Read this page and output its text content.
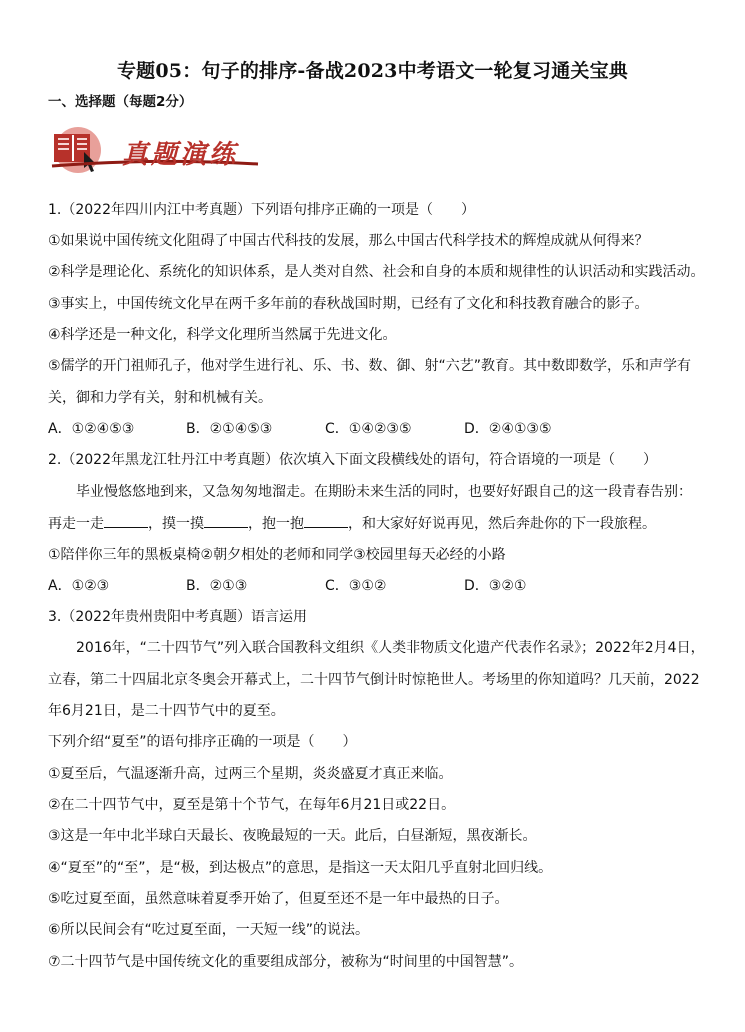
专题05：句子的排序-备战2023中考语文一轮复习通关宝典
一、选择题（每题2分）
真题演练
1.（2022年四川内江中考真题）下列语句排序正确的一项是（　　）
①如果说中国传统文化阻碍了中国古代科技的发展，那么中国古代科学技术的辉煌成就从何得来？
②科学是理论化、系统化的知识体系，是人类对自然、社会和自身的本质和规律性的认识活动和实践活动。
③事实上，中国传统文化早在两千多年前的春秋战国时期，已经有了文化和科技教育融合的影子。
④科学还是一种文化，科学文化理所当然属于先进文化。
⑤儒学的开门祖师孔子，他对学生进行礼、乐、书、数、御、射“六艺”教育。其中数即数学，乐和声学有
关，御和力学有关，射和机械有关。
A．①②④⑤③	B．②①④⑤③	C．①④②③⑤	D．②④①③⑤
2.（2022年黑龙江牡丹江中考真题）依次填入下面文段横线处的语句，符合语境的一项是（　　）
毕业慢悠悠地到来，又急匆匆地溜走。在期盼未来生活的同时，也要好好跟自己的这一段青春告别：
再走一走	，摸一摸	，抱一抱	，和大家好好说再见，然后奔赴你的下一段旅程。
①陪伴你三年的黑板桌椅②朝夕相处的老师和同学③校园里每天必经的小路
A．①②③	B．②①③	C．③①②	D．③②①
3.（2022年贵州贵阳中考真题）语言运用
2016年，“二十四节气”列入联合国教科文组织《人类非物质文化遗产代表作名录》；2022年2月4日，
立春，第二十四届北京冬奥会开幕式上，二十四节气倒计时惊艳世人。考场里的你知道吗？几天前，2022
年6月21日，是二十四节气中的夏至。
下列介绍“夏至”的语句排序正确的一项是（　　）
①夏至后，气温逐渐升高，过两三个星期，炎炎盛夏才真正来临。
②在二十四节气中，夏至是第十个节气，在每年6月21日或22日。
③这是一年中北半球白天最长、夜晚最短的一天。此后，白昼渐短，黑夜渐长。
④“夏至”的“至”，是“极，到达极点”的意思，是指这一天太阳几乎直射北回归线。
⑤吃过夏至面，虽然意味着夏季开始了，但夏至还不是一年中最热的日子。
⑥所以民间会有“吃过夏至面，一天短一线”的说法。
⑦二十四节气是中国传统文化的重要组成部分，被称为“时间里的中国智慧”。
